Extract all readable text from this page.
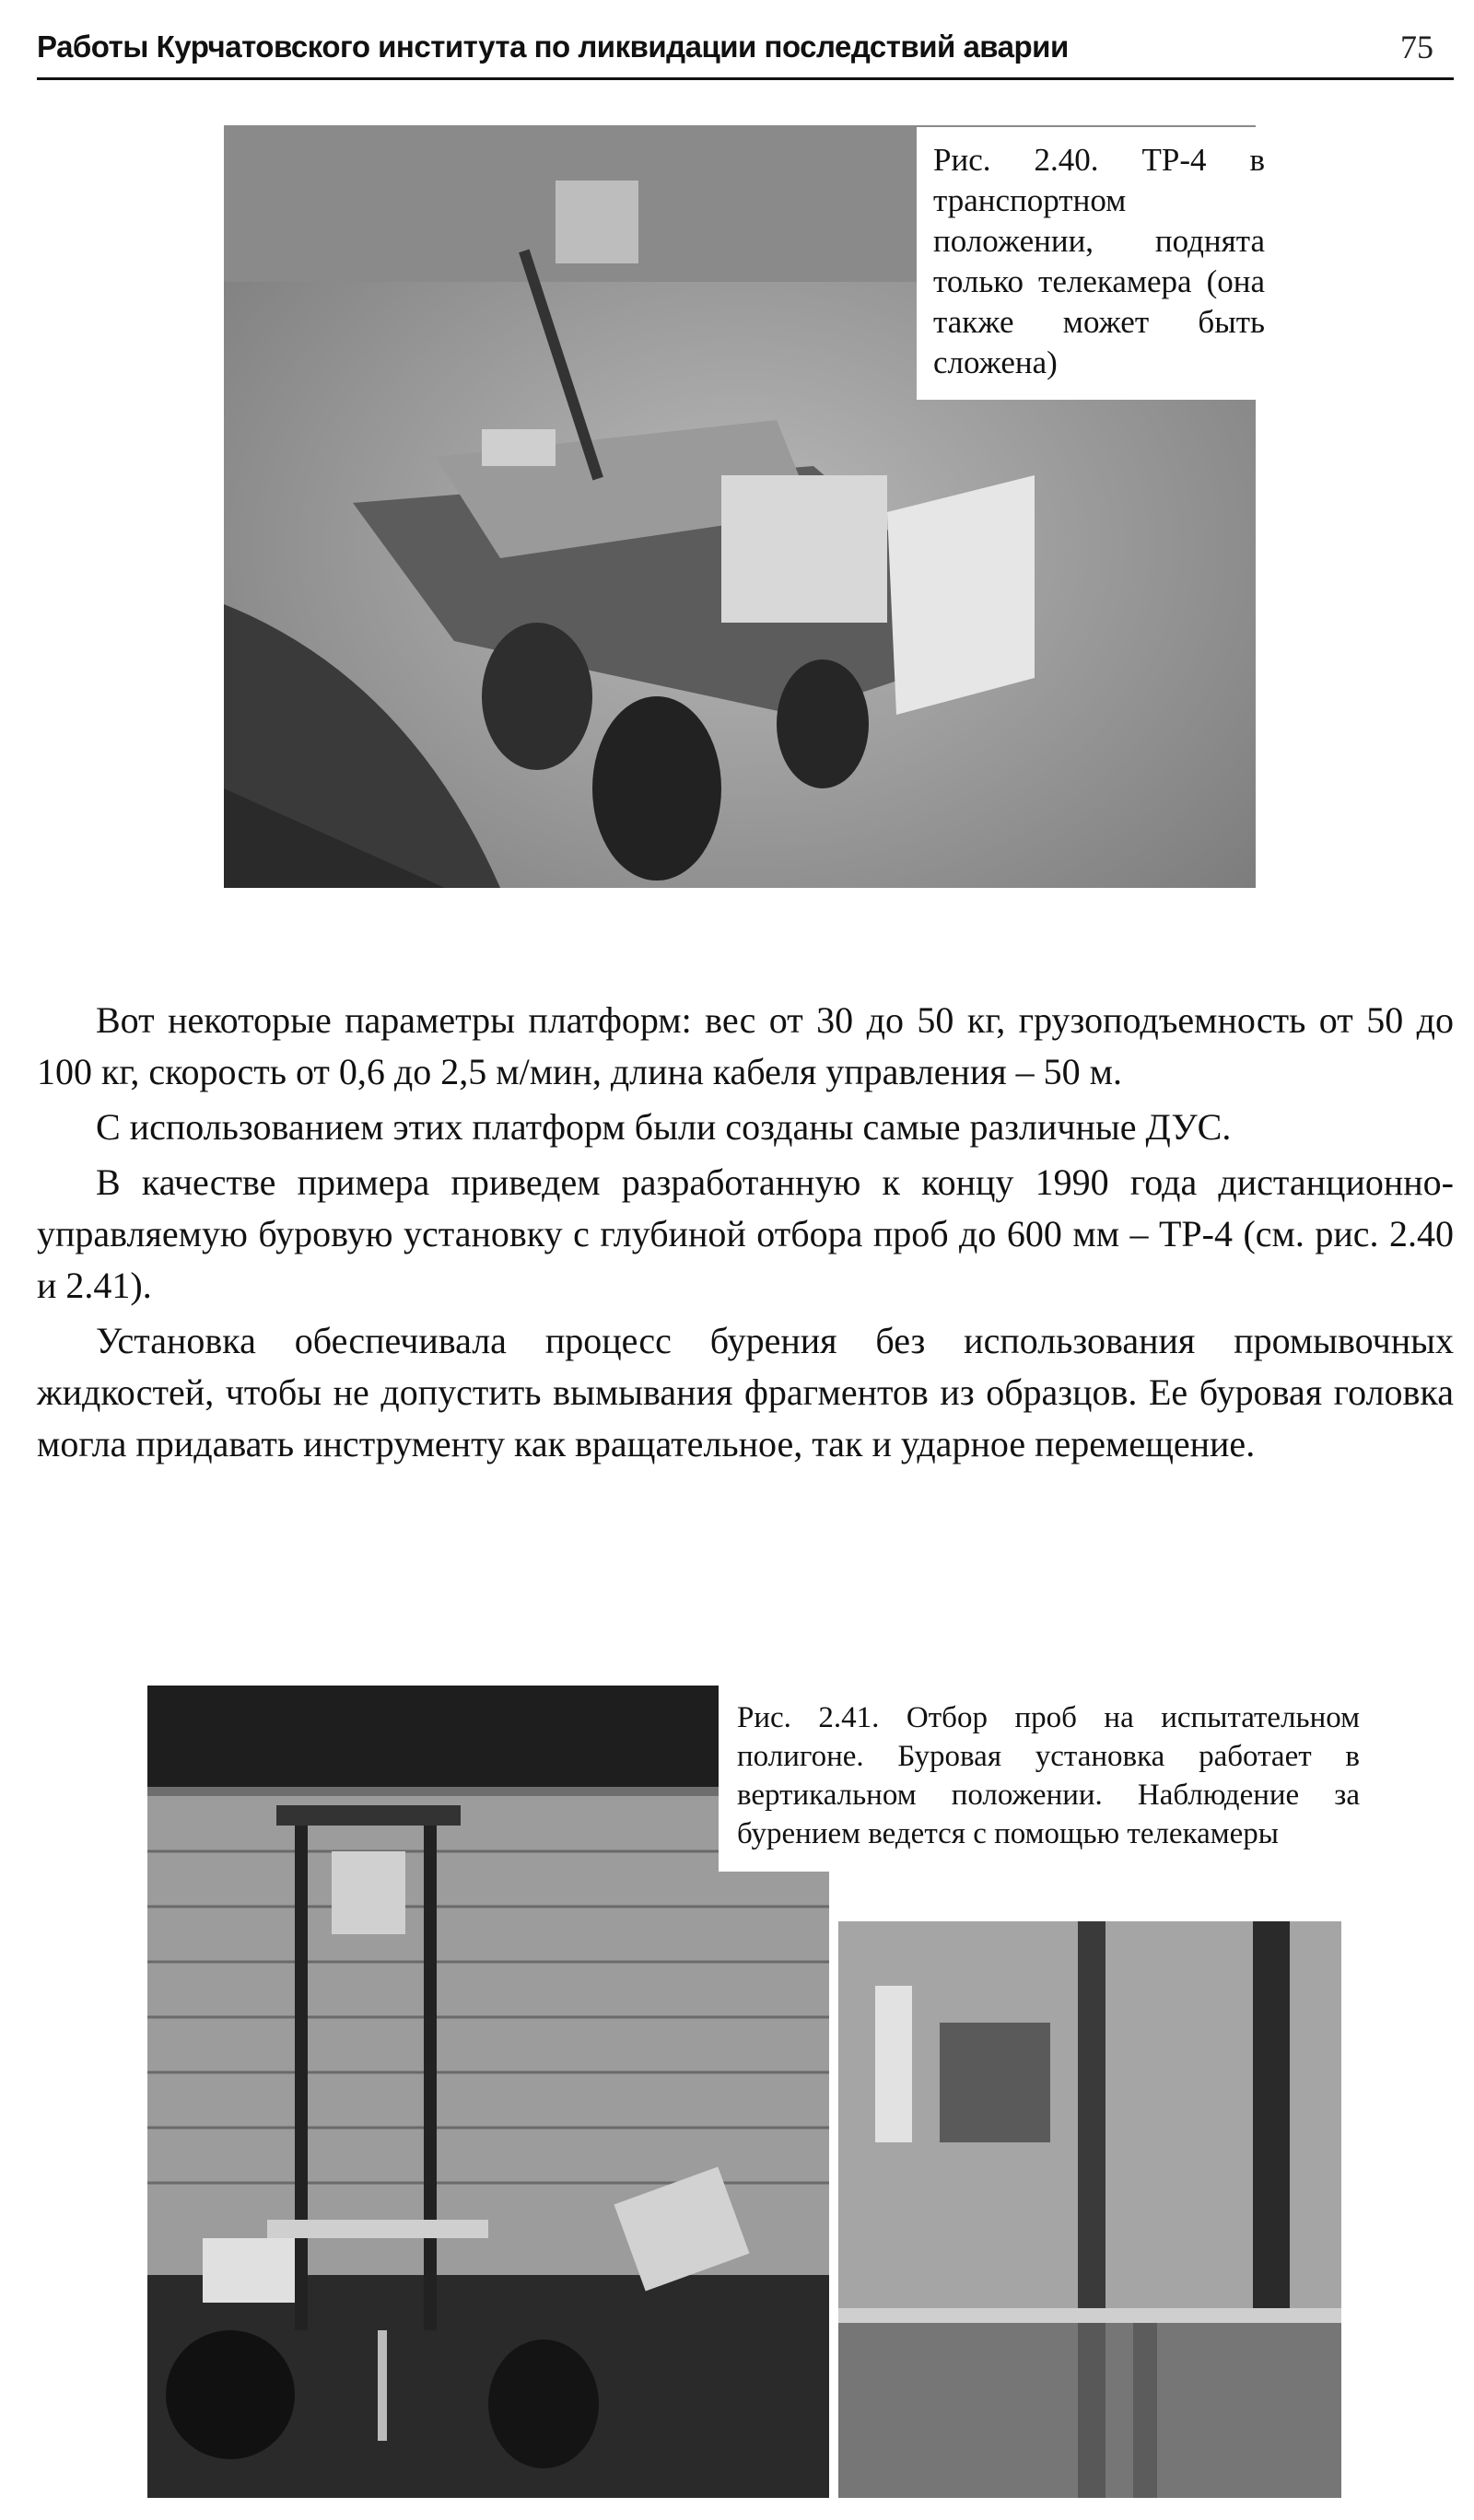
Работы Курчатовского института по ликвидации последствий аварии	75
Рис. 2.40. ТР-4 в транспортном положении, поднята только телекамера (она также может быть сложена)

Вот некоторые параметры платформ: вес от 30 до 50 кг, грузоподъемность от 50 до 100 кг, скорость от 0,6 до 2,5 м/мин, длина кабеля управления – 50 м.

С использованием этих платформ были созданы самые различные ДУС.

В качестве примера приведем разработанную к концу 1990 года дистанционно-управляемую буровую установку с глубиной отбора проб до 600 мм – ТР-4 (см. рис. 2.40 и 2.41).

Установка обеспечивала процесс бурения без использования промывочных жидкостей, чтобы не допустить вымывания фрагментов из образцов. Ее буровая головка могла придавать инструменту как вращательное, так и ударное перемещение.

Рис. 2.41. Отбор проб на испытательном полигоне. Буровая установка работает в вертикальном положении. Наблюдение за бурением ведется с помощью телекамеры
